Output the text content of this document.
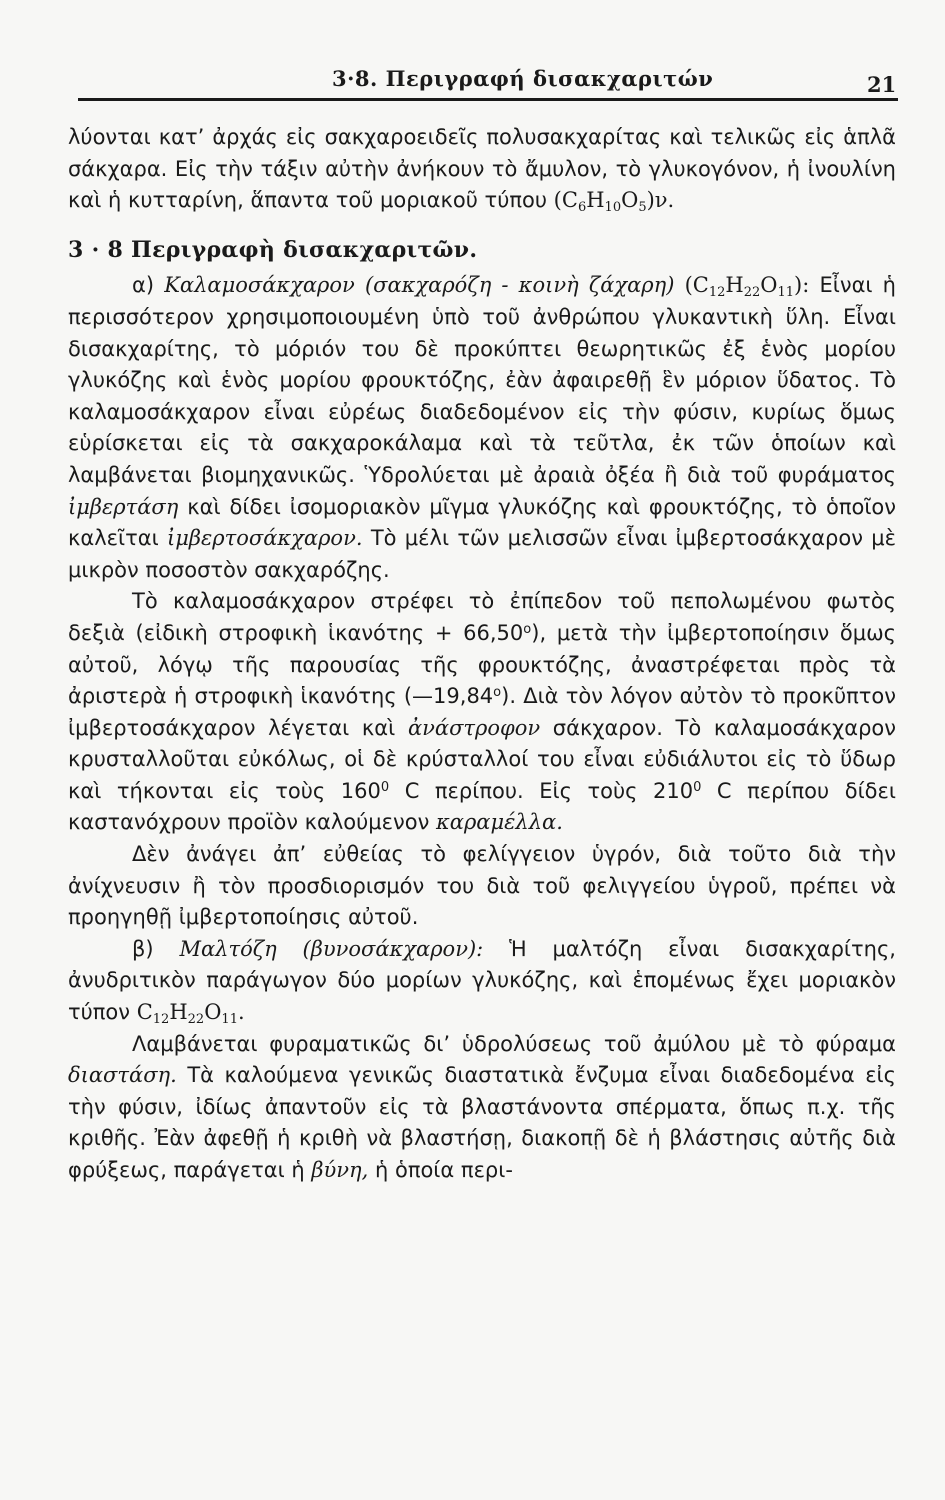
3·8. Περιγραφή δισακχαριτών	21

λύονται κατ’ ἀρχάς εἰς σακχαροειδεῖς πολυσακχαρίτας καὶ τελικῶς εἰς ἁπλᾶ σάκχαρα. Εἰς τὴν τάξιν αὐτὴν ἀνήκουν τὸ ἄμυλον, τὸ γλυκογόνον, ἡ ἰνουλίνη καὶ ἡ κυτταρίνη, ἅπαντα τοῦ μοριακοῦ τύπου $(C_6H_{10}O_5)\nu$.

3 · 8 Περιγραφὴ δισακχαριτῶν.

α) Καλαμοσάκχαρον (σακχαρόζη - κοινὴ ζάχαρη) $(C_{12}H_{22}O_{11})$: Εἶναι ἡ περισσότερον χρησιμοποιουμένη ὑπὸ τοῦ ἀνθρώπου γλυκαντικὴ ὕλη. Εἶναι δισακχαρίτης, τὸ μόριόν του δὲ προκύπτει θεωρητικῶς ἐξ ἑνὸς μορίου γλυκόζης καὶ ἑνὸς μορίου φρουκτόζης, ἐὰν ἀφαιρεθῇ ἓν μόριον ὕδατος. Τὸ καλαμοσάκχαρον εἶναι εὐρέως διαδεδομένον εἰς τὴν φύσιν, κυρίως ὅμως εὑρίσκεται εἰς τὰ σακχαροκάλαμα καὶ τὰ τεῦτλα, ἐκ τῶν ὁποίων καὶ λαμβάνεται βιομηχανικῶς. Ὑδρολύεται μὲ ἀραιὰ ὀξέα ἢ διὰ τοῦ φυράματος ἰμβερτάση καὶ δίδει ἰσομοριακὸν μῖγμα γλυκόζης καὶ φρουκτόζης, τὸ ὁποῖον καλεῖται ἰμβερτοσάκχαρον. Τὸ μέλι τῶν μελισσῶν εἶναι ἰμβερτοσάκχαρον μὲ μικρὸν ποσοστὸν σακχαρόζης.

Τὸ καλαμοσάκχαρον στρέφει τὸ ἐπίπεδον τοῦ πεπολωμένου φωτὸς δεξιὰ (εἰδικὴ στροφικὴ ἱκανότης + $66,50^o$), μετὰ τὴν ἰμβερτοποίησιν ὅμως αὐτοῦ, λόγῳ τῆς παρουσίας τῆς φρουκτόζης, ἀναστρέφεται πρὸς τὰ ἀριστερὰ ἡ στροφικὴ ἱκανότης $(—19,84^o)$. Διὰ τὸν λόγον αὐτὸν τὸ προκῦπτον ἰμβερτοσάκχαρον λέγεται καὶ ἀνάστροφον σάκχαρον. Τὸ καλαμοσάκχαρον κρυσταλλοῦται εὐκόλως, οἱ δὲ κρύσταλλοί του εἶναι εὐδιάλυτοι εἰς τὸ ὕδωρ καὶ τήκονται εἰς τοὺς $160^0$ C περίπου. Εἰς τοὺς $210^0$ C περίπου δίδει καστανόχρουν προϊὸν καλούμενον καραμέλλα.

Δὲν ἀνάγει ἀπ’ εὐθείας τὸ φελίγγειον ὑγρόν, διὰ τοῦτο διὰ τὴν ἀνίχνευσιν ἢ τὸν προσδιορισμόν του διὰ τοῦ φελιγγείου ὑγροῦ, πρέπει νὰ προηγηθῇ ἰμβερτοποίησις αὐτοῦ.

β) Μαλτόζη (βυνοσάκχαρον): Ἡ μαλτόζη εἶναι δισακχαρίτης, ἀνυδριτικὸν παράγωγον δύο μορίων γλυκόζης, καὶ ἑπομένως ἔχει μοριακὸν τύπον $C_{12}H_{22}O_{11}$.

Λαμβάνεται φυραματικῶς δι’ ὑδρολύσεως τοῦ ἀμύλου μὲ τὸ φύραμα διαστάση. Τὰ καλούμενα γενικῶς διαστατικὰ ἔνζυμα εἶναι διαδεδομένα εἰς τὴν φύσιν, ἰδίως ἀπαντοῦν εἰς τὰ βλαστάνοντα σπέρματα, ὅπως π.χ. τῆς κριθῆς. Ἐὰν ἀφεθῇ ἡ κριθὴ νὰ βλαστήσῃ, διακοπῇ δὲ ἡ βλάστησις αὐτῆς διὰ φρύξεως, παράγεται ἡ βύνη, ἡ ὁποία περι-
